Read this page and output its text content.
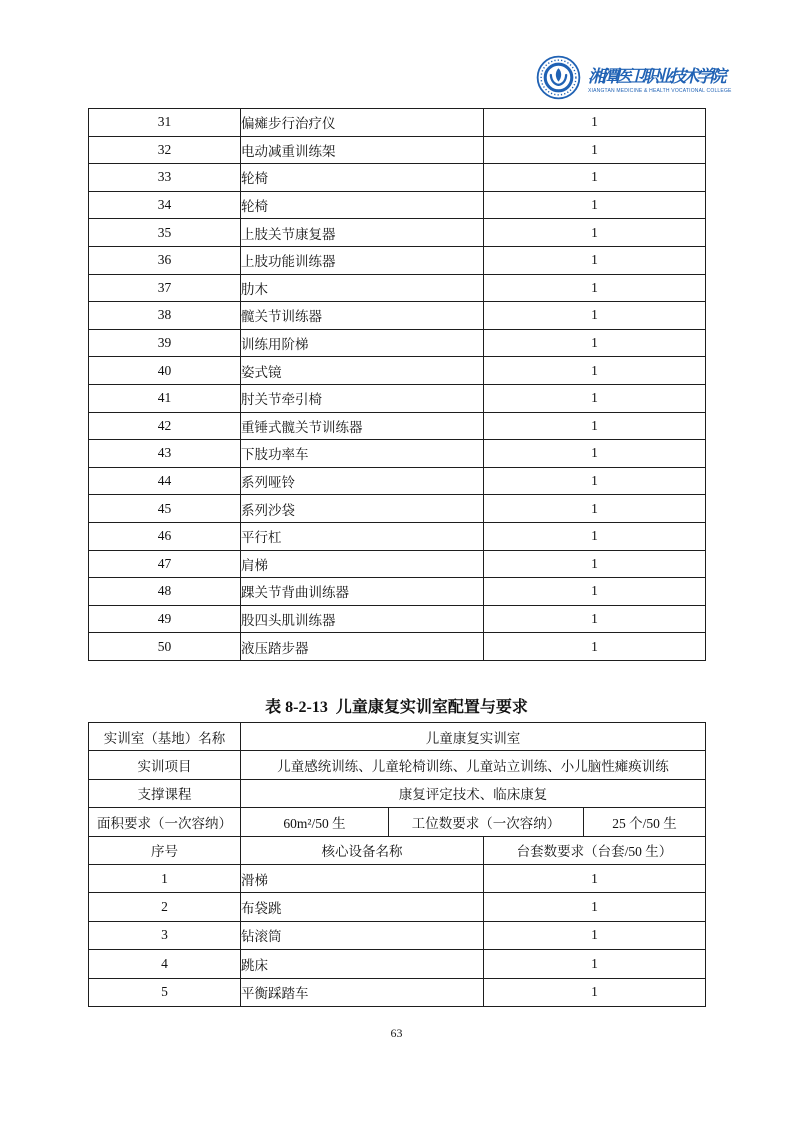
湘潭医卫职业技术学院
XIANGTAN MEDICINE & HEALTH VOCATIONAL COLLEGE
31	偏瘫步行治疗仪	1
32	电动减重训练架	1
33	轮椅	1
34	轮椅	1
35	上肢关节康复器	1
36	上肢功能训练器	1
37	肋木	1
38	髋关节训练器	1
39	训练用阶梯	1
40	姿式镜	1
41	肘关节牵引椅	1
42	重锤式髋关节训练器	1
43	下肢功率车	1
44	系列哑铃	1
45	系列沙袋	1
46	平行杠	1
47	肩梯	1
48	踝关节背曲训练器	1
49	股四头肌训练器	1
50	液压踏步器	1
表 8-2-13  儿童康复实训室配置与要求
实训室（基地）名称	儿童康复实训室			
实训项目	儿童感统训练、儿童轮椅训练、儿童站立训练、小儿脑性瘫痪训练			
支撑课程	康复评定技术、临床康复			
面积要求（一次容纳）	60m²/50 生	工位数要求（一次容纳）		25 个/50 生
序号	核心设备名称		台套数要求（台套/50 生）	
1	滑梯		1	
2	布袋跳		1	
3	钻滚筒		1	
4	跳床		1	
5	平衡踩踏车		1	
63
